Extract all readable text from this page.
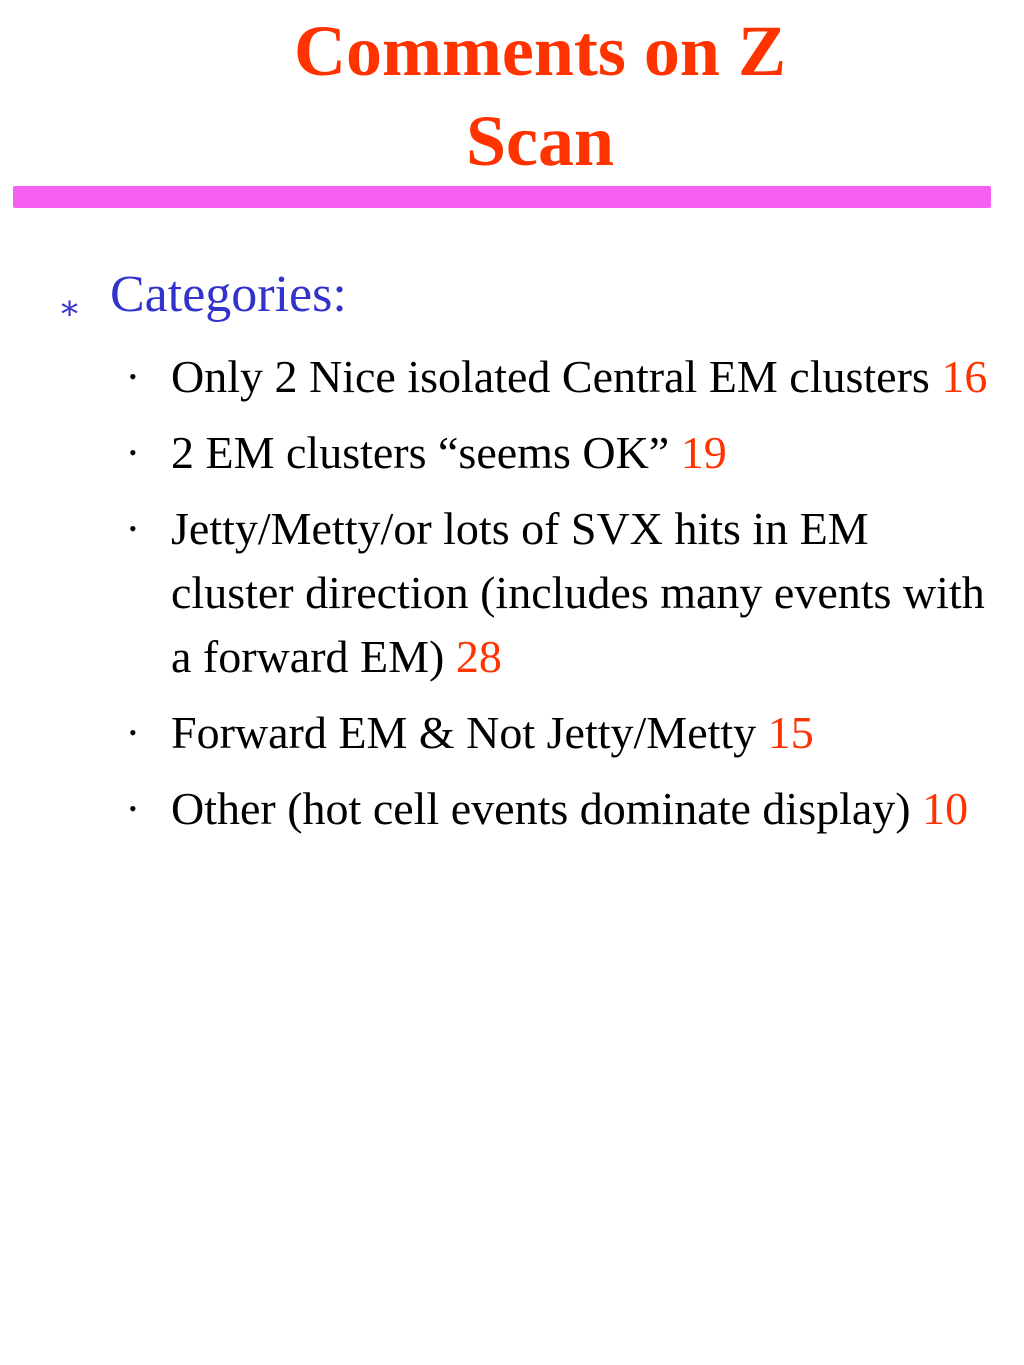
Comments on Z
Scan
∗ Categories:
• Only 2 Nice isolated Central EM clusters 16
• 2 EM clusters “seems OK” 19
• Jetty/Metty/or lots of SVX hits in EM cluster direction (includes many events with a forward EM) 28
• Forward EM & Not Jetty/Metty 15
• Other (hot cell events dominate display) 10
